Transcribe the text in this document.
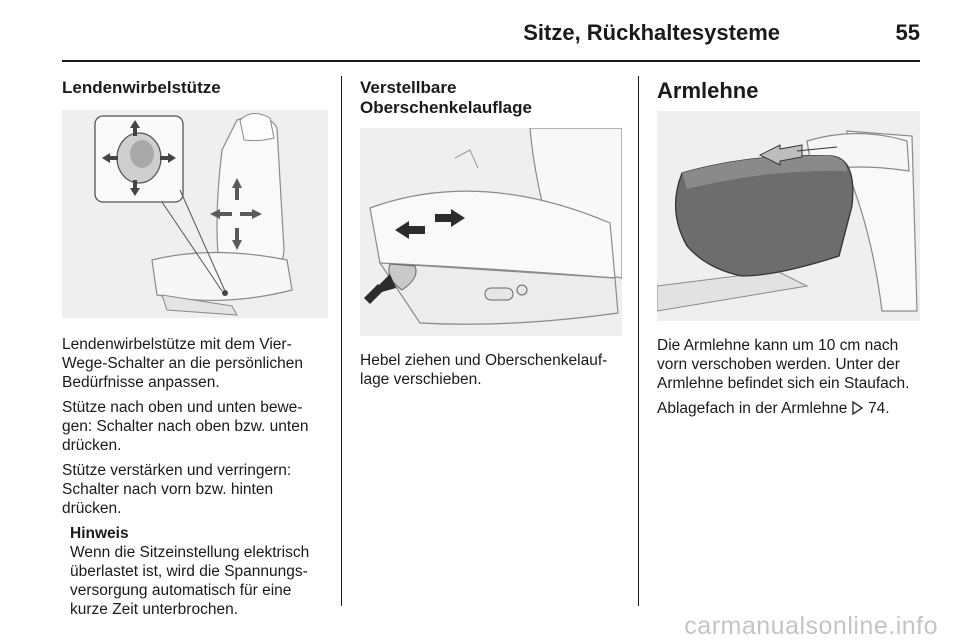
Sitze, Rückhaltesysteme	55
Lendenwirbelstütze

Lendenwirbelstütze mit dem Vier-Wege-Schalter an die persönlichen Bedürfnisse anpassen.

Stütze nach oben und unten bewe-gen: Schalter nach oben bzw. unten drücken.

Stütze verstärken und verringern: Schalter nach vorn bzw. hinten drücken.

Hinweis
Wenn die Sitzeinstellung elektrisch überlastet ist, wird die Spannungs-versorgung automatisch für eine kurze Zeit unterbrochen.
Verstellbare
Oberschenkelauflage

Hebel ziehen und Oberschenkelauf-lage verschieben.

Armlehne

Die Armlehne kann um 10 cm nach vorn verschoben werden. Unter der Armlehne befindet sich ein Staufach.

Ablagefach in der Armlehne 74.

carmanualsonline.info
